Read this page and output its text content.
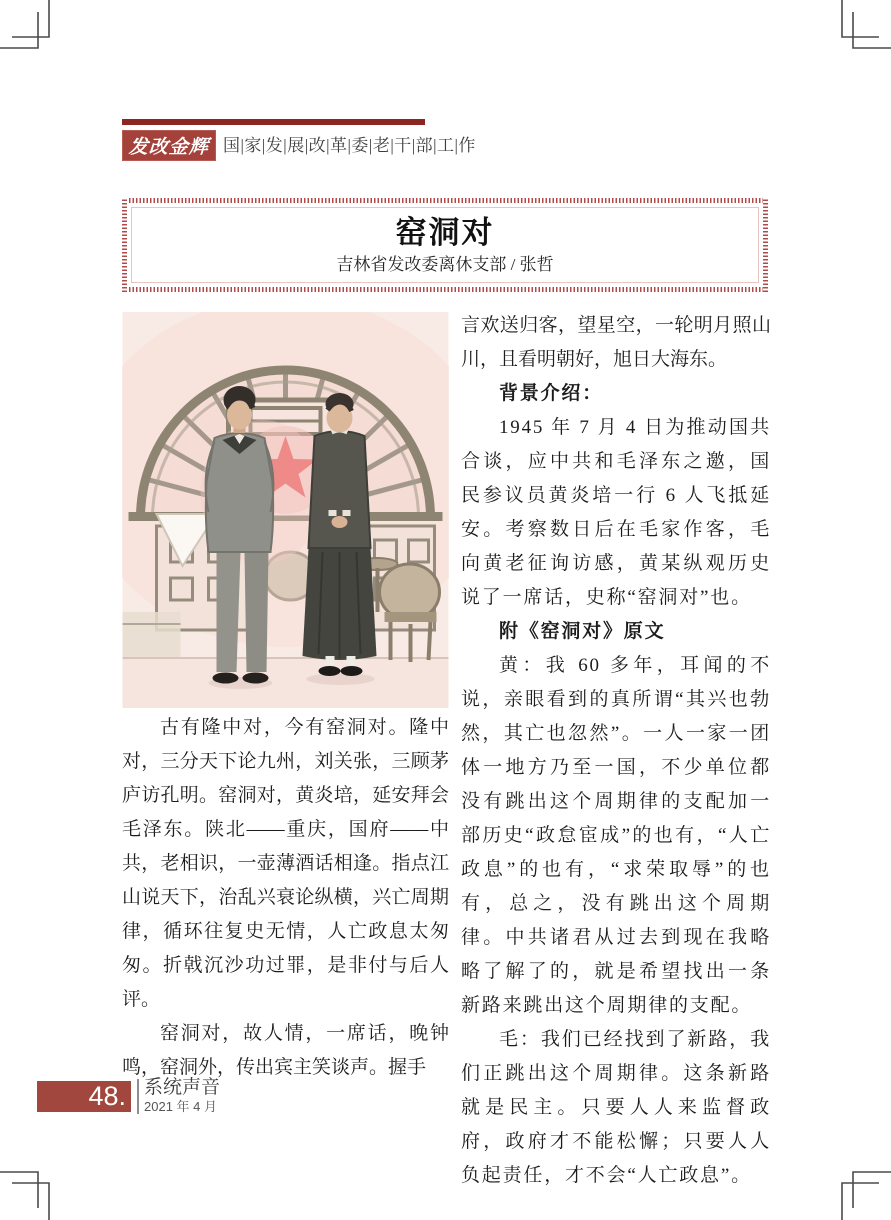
发改金辉 国|家|发|展|改|革|委|老|干|部|工|作
窑洞对

吉林省发改委离休支部 / 张哲

古有隆中对，今有窑洞对。隆中对，三分天下论九州，刘关张，三顾茅庐访孔明。窑洞对，黄炎培，延安拜会毛泽东。陕北——重庆，国府——中共，老相识，一壶薄酒话相逢。指点江山说天下，治乱兴衰论纵横，兴亡周期律，循环往复史无情，人亡政息太匆匆。折戟沉沙功过罪，是非付与后人评。

窑洞对，故人情，一席话，晚钟鸣，窑洞外，传出宾主笑谈声。握手

言欢送归客，望星空，一轮明月照山川，且看明朝好，旭日大海东。

背景介绍：

1945 年 7 月 4 日为推动国共合谈，应中共和毛泽东之邀，国民参议员黄炎培一行 6 人飞抵延安。考察数日后在毛家作客，毛向黄老征询访感，黄某纵观历史说了一席话，史称“窑洞对”也。

附《窑洞对》原文

黄：我 60 多年，耳闻的不说，亲眼看到的真所谓“其兴也勃然，其亡也忽然”。一人一家一团体一地方乃至一国，不少单位都没有跳出这个周期律的支配加一部历史“政怠宦成”的也有，“人亡政息”的也有，“求荣取辱”的也有，总之，没有跳出这个周期律。中共诸君从过去到现在我略略了解了的，就是希望找出一条新路来跳出这个周期律的支配。

毛：我们已经找到了新路，我们正跳出这个周期律。这条新路就是民主。只要人人来监督政府，政府才不能松懈；只要人人负起责任，才不会“人亡政息”。

48. 系统声音
2021 年 4 月
